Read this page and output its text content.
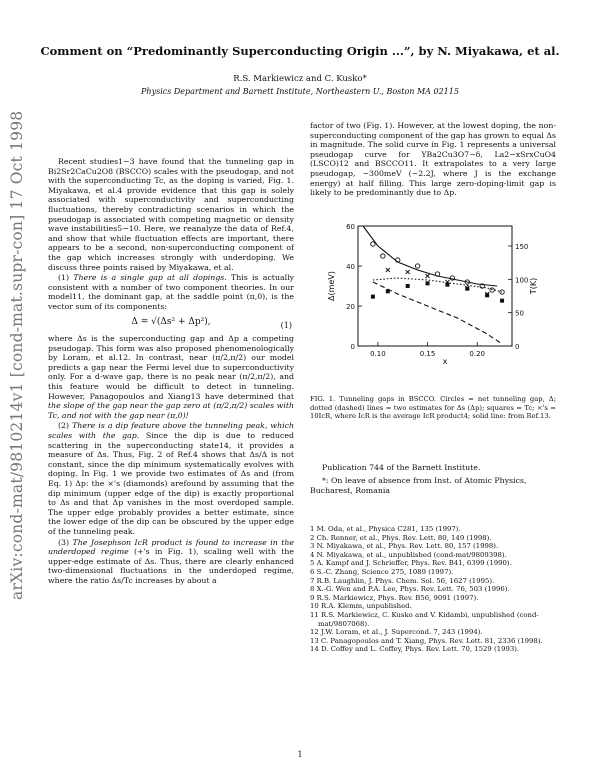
Comment on “Predominantly Superconducting Origin ...”, by N. Miyakawa, et al.
R.S. Markiewicz and C. Kusko*
Physics Department and Barnett Institute, Northeastern U., Boston MA 02115
arXiv:cond-mat/9810214v1 [cond-mat.supr-con] 17 Oct 1998	Recent studies1−3 have found that the tunneling gap in Bi2Sr2CaCu2O8 (BSCCO) scales with the pseudogap, and not with the superconducting Tc, as the doping is varied, Fig. 1. Miyakawa, et al.4 provide evidence that this gap is solely associated with superconductivity and superconducting fluctuations, thereby contradicting scenarios in which the pseudogap is associated with competing magnetic or density wave instabilities5−10. Here, we reanalyze the data of Ref.4, and show that while fluctuation effects are important, there appears to be a second, non-superconducting component of the gap which increases strongly with underdoping. We discuss three points raised by Miyakawa, et al.

(1) There is a single gap at all dopings. This is actually consistent with a number of two component theories. In our model11, the dominant gap, at the saddle point (π,0), is the vector sum of its components:

Δ = √(Δs² + Δp²),	(1)

where Δs is the superconducting gap and Δp a competing pseudogap. This form was also proposed phenomenologically by Loram, et al.12. In contrast, near (π/2,π/2) our model predicts a gap near the Fermi level due to superconductivity only. For a d-wave gap, there is no peak near (π/2,π/2), and this feature would be difficult to detect in tunneling. However, Panagopoulos and Xiang13 have determined that the slope of the gap near the gap zero at (π/2,π/2) scales with Tc, and not with the gap near (π,0)!

(2) There is a dip feature above the tunneling peak, which scales with the gap. Since the dip is due to reduced scattering in the superconducting state14, it provides a measure of Δs. Thus, Fig. 2 of Ref.4 shows that Δs/Δ is not constant, since the dip minimum systematically evolves with doping. In Fig. 1 we provide two estimates of Δs and (from Eq. 1) Δp: the ×'s (diamonds) arefound by assuming that the dip minimum (upper edge of the dip) is exactly proportional to Δs and that Δp vanishes in the most overdoped sample. The upper edge probably provides a better estimate, since the lower edge of the dip can be obscured by the upper edge of the tunneling peak.

(3) The Josephson IcR product is found to increase in the underdoped regime (+'s in Fig. 1), scaling well with the upper-edge estimate of Δs. Thus, there are clearly enhanced two-dimensional fluctuations in the underdoped regime, where the ratio Δs/Tc increases by about a

factor of two (Fig. 1). However, at the lowest doping, the non-superconducting component of the gap has grown to equal Δs in magnitude. The solid curve in Fig. 1 represents a universal pseudogap curve for YBa2Cu3O7−δ, La2−xSrxCuO4 (LSCO)12 and BSCCO11. It extrapolates to a very large pseudogap, ~300meV (~2.2J, where J is the exchange energy) at half filling. This large zero-doping-limit gap is likely to be predominantly due to Δp.

0
20
40
60
0
50
100
150
0.10	0.15	0.20
x
Δ(meV)	T(K)
FIG. 1. Tunneling gaps in BSCCO. Circles = net tunneling gap, Δ; dotted (dashed) lines = two estimates for Δs (Δp); squares = Tc; ×'s = 10IcR, where IcR is the average IcR product4; solid line: from Ref.13.
Publication 744 of the Barnett Institute.
*: On leave of absence from Inst. of Atomic Physics, Bucharest, Romania
1 M. Oda, et al., Physica C281, 135 (1997).
2 Ch. Renner, et al., Phys. Rev. Lett. 80, 149 (1998).
3 N. Miyakawa, et al., Phys. Rev. Lett. 80, 157 (1998).
4 N. Miyakawa, et al., unpublished (cond-mat/9809398).
5 A. Kampf and J. Schrieffer, Phys. Rev. B41, 6399 (1990).
6 S.-C. Zhang, Science 275, 1089 (1997).
7 R.B. Laughlin, J. Phys. Chem. Sol. 56, 1627 (1995).
8 X.-G. Wen and P.A. Lee, Phys. Rev. Lett. 76, 503 (1996).
9 R.S. Markiewicz, Phys. Rev. B56, 9091 (1997).
10 R.A. Klemm, unpublished.
11 R.S. Markiewicz, C. Kusko and V. Kidambi, unpublished (cond-mat/9807068).
12 J.W. Loram, et al., J. Supercond. 7, 243 (1994).
13 C. Panagopoulos and T. Xiang, Phys. Rev. Lett. 81, 2336 (1998).
14 D. Coffey and L. Coffey, Phys. Rev. Lett. 70, 1529 (1993).
1
